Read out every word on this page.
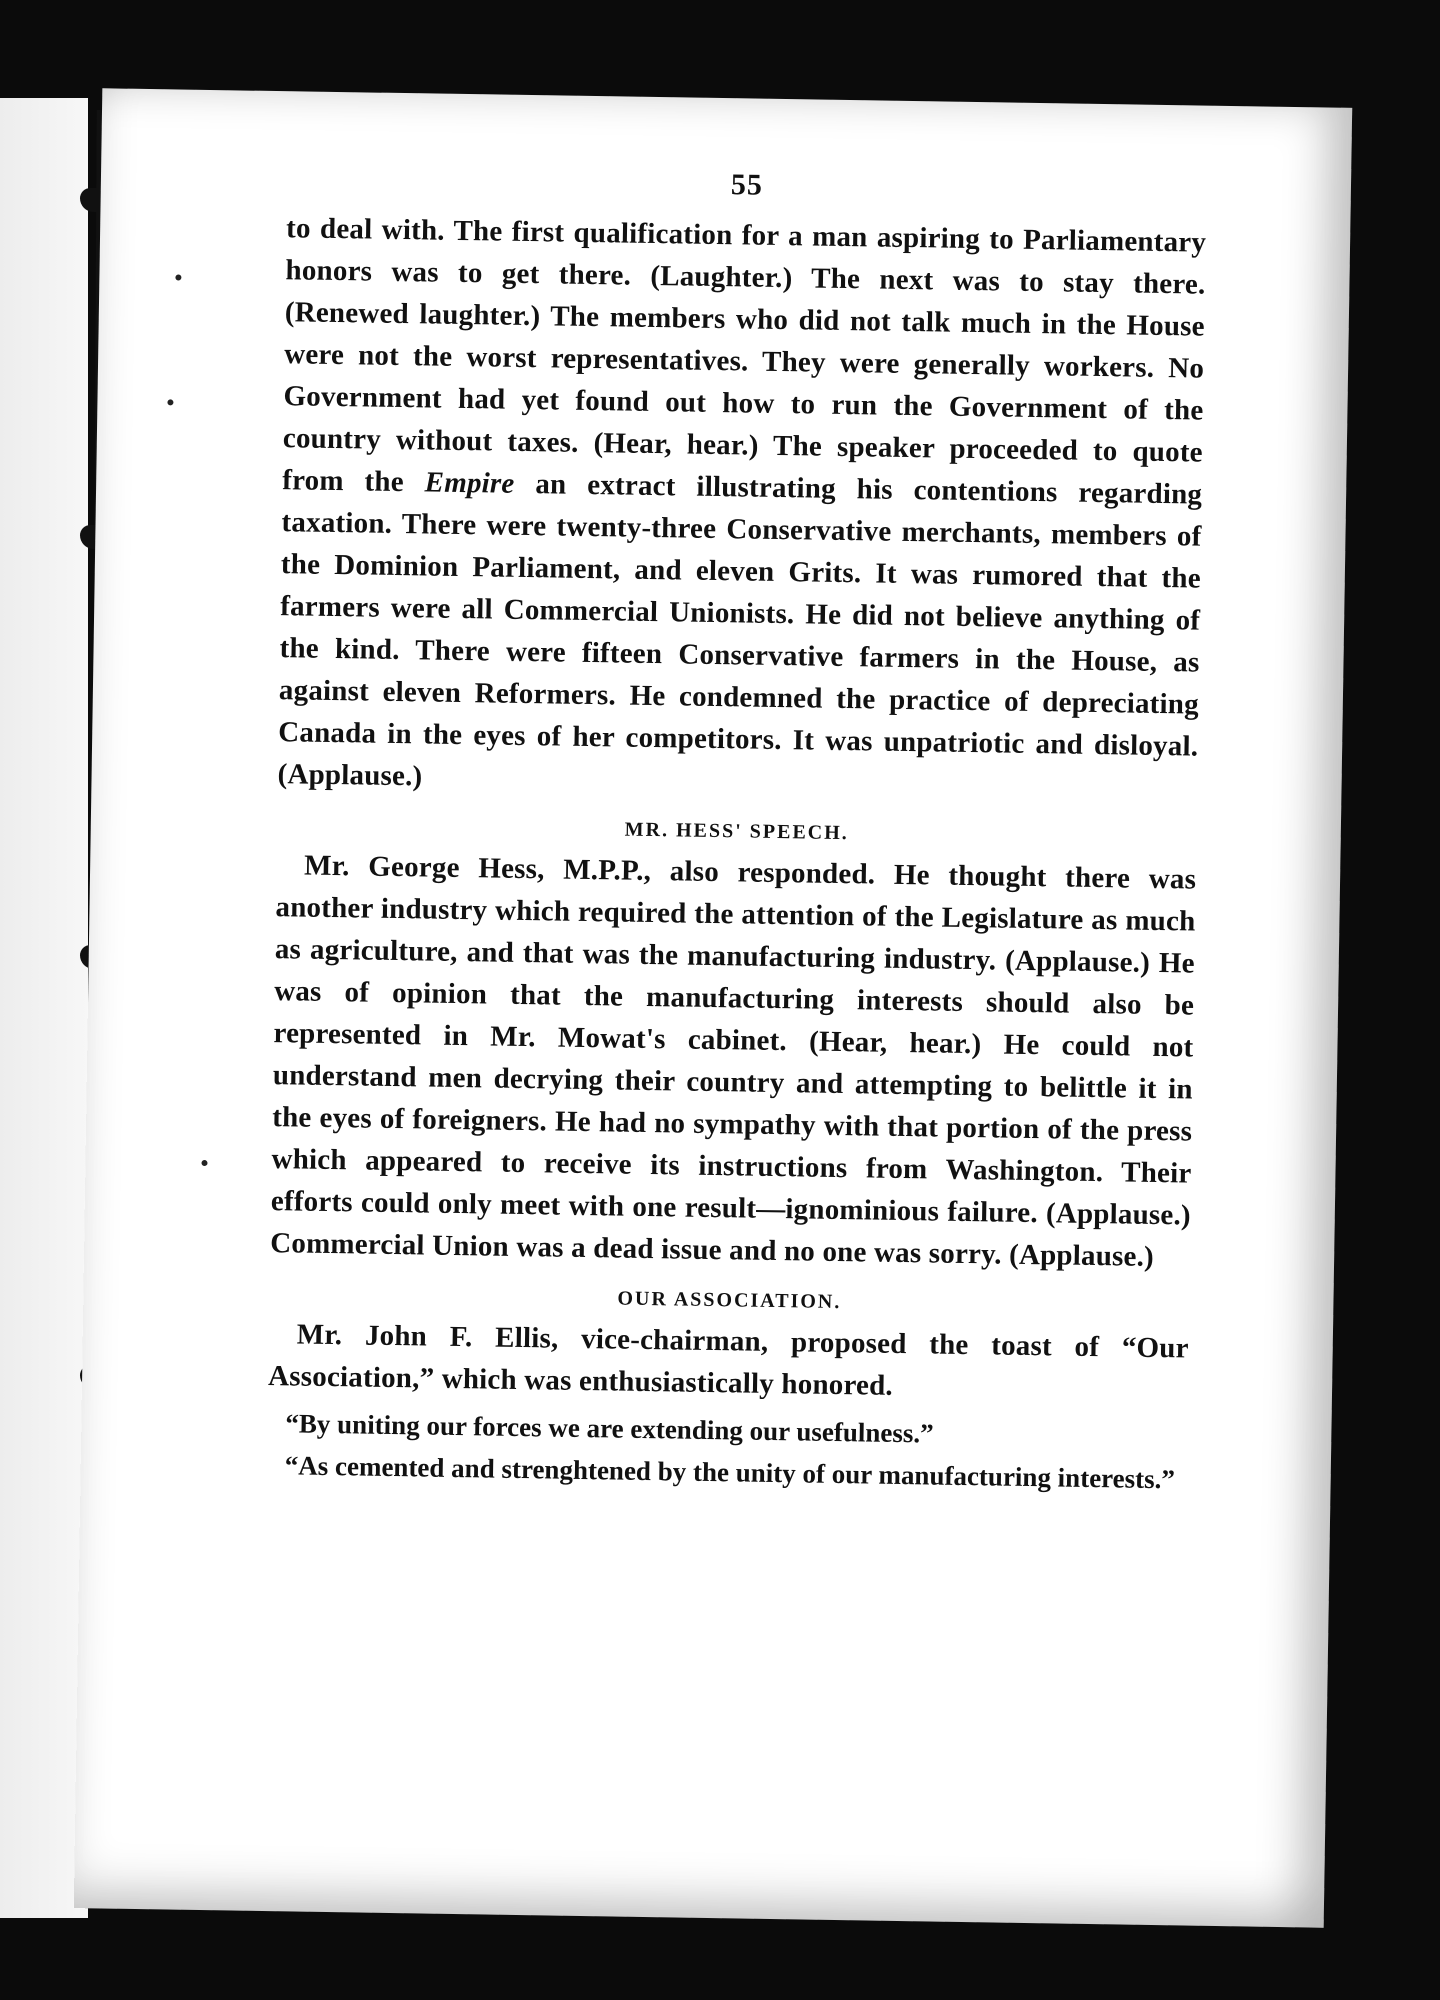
55

to deal with. The first qualification for a man aspiring to Parliamentary honors was to get there. (Laughter.) The next was to stay there. (Renewed laughter.) The members who did not talk much in the House were not the worst representatives. They were generally workers. No Government had yet found out how to run the Government of the country without taxes. (Hear, hear.) The speaker proceeded to quote from the Empire an extract illustrating his contentions regarding taxation. There were twenty-three Conservative merchants, members of the Dominion Parliament, and eleven Grits. It was rumored that the farmers were all Commercial Unionists. He did not believe anything of the kind. There were fifteen Conservative farmers in the House, as against eleven Reformers. He condemned the practice of depreciating Canada in the eyes of her competitors. It was unpatriotic and disloyal. (Applause.)

MR. HESS' SPEECH.

Mr. George Hess, M.P.P., also responded. He thought there was another industry which required the attention of the Legislature as much as agriculture, and that was the manufacturing industry. (Applause.) He was of opinion that the manufacturing interests should also be represented in Mr. Mowat's cabinet. (Hear, hear.) He could not understand men decrying their country and attempting to belittle it in the eyes of foreigners. He had no sympathy with that portion of the press which appeared to receive its instructions from Washington. Their efforts could only meet with one result—ignominious failure. (Applause.) Commercial Union was a dead issue and no one was sorry. (Applause.)

OUR ASSOCIATION.

Mr. John F. Ellis, vice-chairman, proposed the toast of “Our Association,” which was enthusiastically honored.

“By uniting our forces we are extending our usefulness.”

“As cemented and strenghtened by the unity of our manufacturing interests.”
